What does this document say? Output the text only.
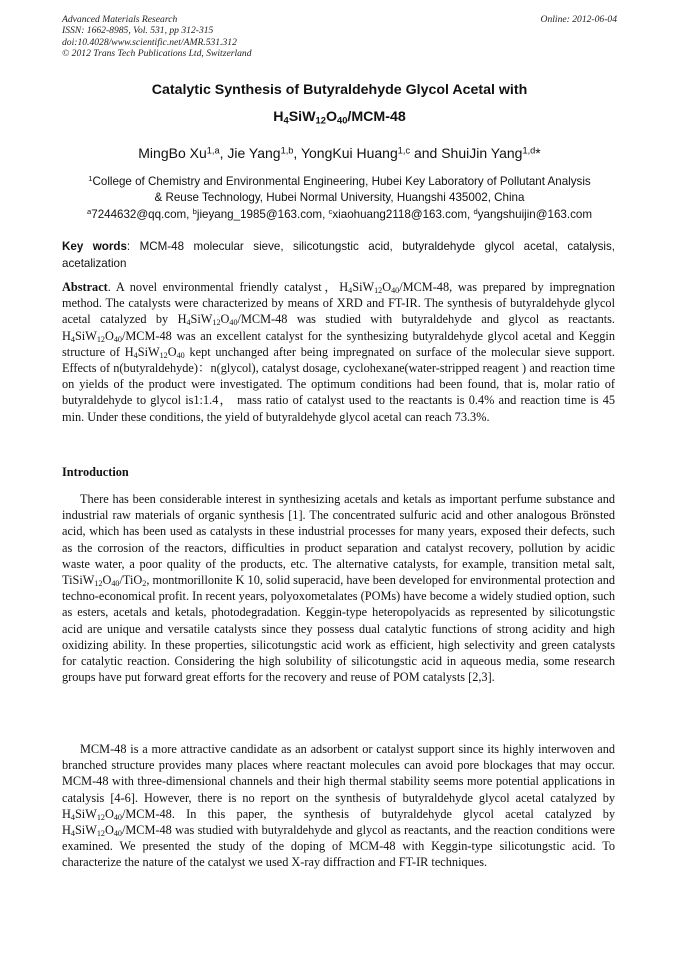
Advanced Materials Research
ISSN: 1662-8985, Vol. 531, pp 312-315
doi:10.4028/www.scientific.net/AMR.531.312
© 2012 Trans Tech Publications Ltd, Switzerland
Online: 2012-06-04
Catalytic Synthesis of Butyraldehyde Glycol Acetal with
$H_4SiW_{12}O_{40}/MCM-48$
MingBo Xu$^{1,a}$, Jie Yang$^{1,b}$, YongKui Huang$^{1,c}$ and ShuiJin Yang$^{1,d}$*
$^1$College of Chemistry and Environmental Engineering, Hubei Key Laboratory of Pollutant Analysis
& Reuse Technology, Hubei Normal University, Huangshi 435002, China
$^a$7244632@qq.com, $^b$jieyang_1985@163.com, $^c$xiaohuang2118@163.com, $^d$yangshuijin@163.com
Key words: MCM-48 molecular sieve, silicotungstic acid, butyraldehyde glycol acetal, catalysis, acetalization
Abstract. A novel environmental friendly catalyst，$H_4SiW_{12}O_{40}/MCM-48$, was prepared by impregnation method. The catalysts were characterized by means of XRD and FT-IR. The synthesis of butyraldehyde glycol acetal catalyzed by $H_4SiW_{12}O_{40}/MCM-48$ was studied with butyraldehyde and glycol as reactants. $H_4SiW_{12}O_{40}/MCM-48$ was an excellent catalyst for the synthesizing butyraldehyde glycol acetal and Keggin structure of $H_4SiW_{12}O_{40}$ kept unchanged after being impregnated on surface of the molecular sieve support. Effects of n(butyraldehyde)：n(glycol), catalyst dosage, cyclohexane(water-stripped reagent ) and reaction time on yields of the product were investigated. The optimum conditions had been found, that is, molar ratio of butyraldehyde to glycol is1:1.4， mass ratio of catalyst used to the reactants is 0.4% and reaction time is 45 min. Under these conditions, the yield of butyraldehyde glycol acetal can reach 73.3%.
Introduction
There has been considerable interest in synthesizing acetals and ketals as important perfume substance and industrial raw materials of organic synthesis [1]. The concentrated sulfuric acid and other analogous Brönsted acid, which has been used as catalysts in these industrial processes for many years, exposed their defects, such as the corrosion of the reactors, difficulties in product separation and catalyst recovery, pollution by acidic waste water, a poor quality of the products, etc. The alternative catalysts, for example, transition metal salt, $TiSiW_{12}O_{40}/TiO_2$, montmorillonite K 10, solid superacid, have been developed for environmental protection and techno-economical profit. In recent years, polyoxometalates (POMs) have become a widely studied option, such as esters, acetals and ketals, photodegradation. Keggin-type heteropolyacids as represented by silicotungstic acid are unique and versatile catalysts since they possess dual catalytic functions of strong acidity and high oxidizing ability. In these properties, silicotungstic acid work as efficient, high selectivity and green catalysts for catalytic reaction. Considering the high solubility of silicotungstic acid in aqueous media, some research groups have put forward great efforts for the recovery and reuse of POM catalysts [2,3].
MCM-48 is a more attractive candidate as an adsorbent or catalyst support since its highly interwoven and branched structure provides many places where reactant molecules can avoid pore blockages that may occur. MCM-48 with three-dimensional channels and their high thermal stability seems more potential applications in catalysis [4-6]. However, there is no report on the synthesis of butyraldehyde glycol acetal catalyzed by $H_4SiW_{12}O_{40}/MCM-48$. In this paper, the synthesis of butyraldehyde glycol acetal catalyzed by $H_4SiW_{12}O_{40}/MCM-48$ was studied with butyraldehyde and glycol as reactants, and the reaction conditions were examined. We presented the study of the doping of MCM-48 with Keggin-type silicotungstic acid. To characterize the nature of the catalyst we used X-ray diffraction and FT-IR techniques.
